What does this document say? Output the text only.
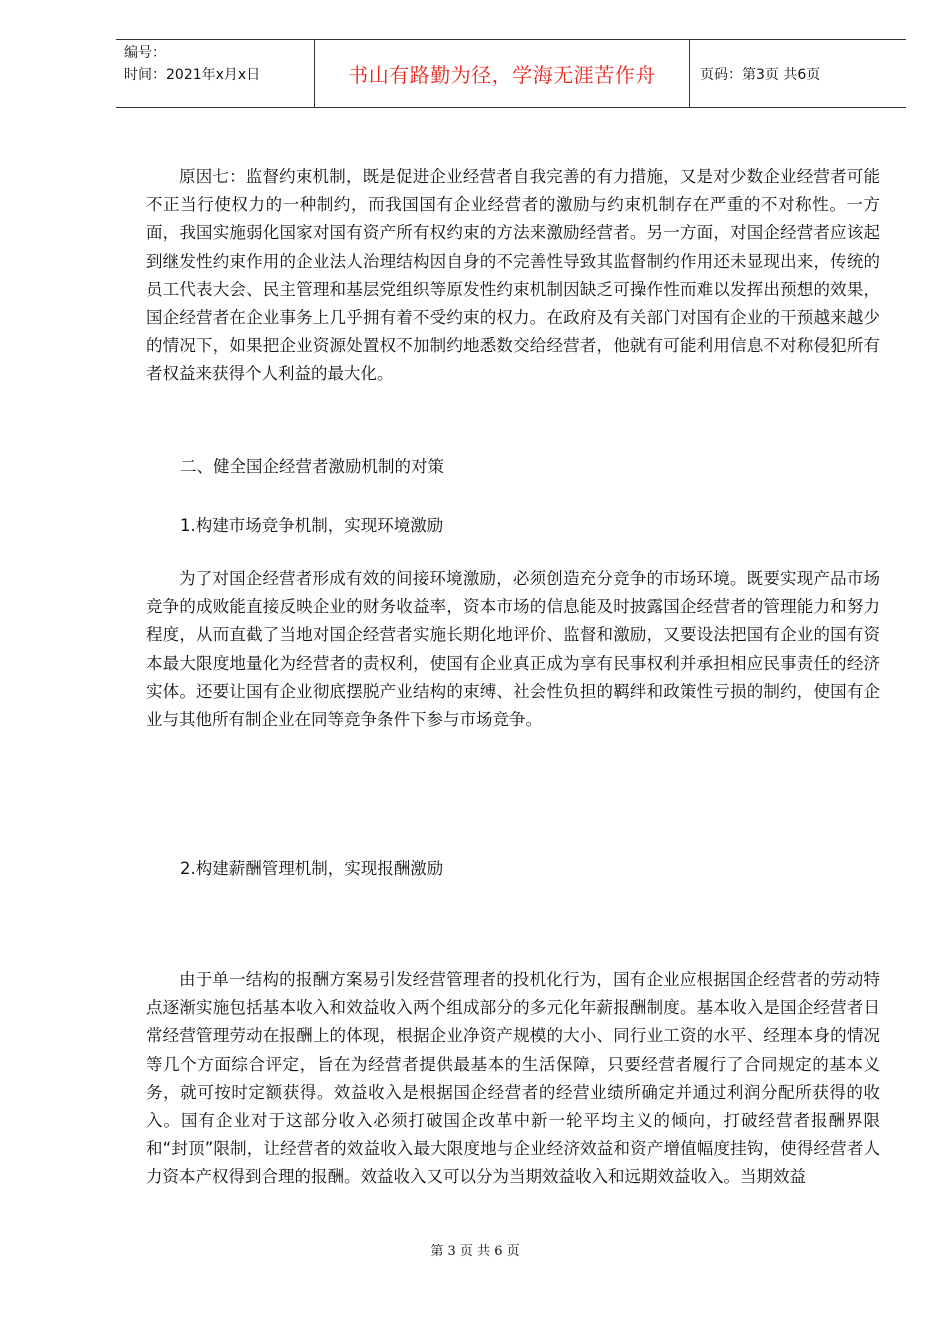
编号：
时间：2021年x月x日	书山有路勤为径，学海无涯苦作舟	页码：第3页 共6页

原因七：监督约束机制，既是促进企业经营者自我完善的有力措施，又是对少数企业经营者可能不正当行使权力的一种制约，而我国国有企业经营者的激励与约束机制存在严重的不对称性。一方面，我国实施弱化国家对国有资产所有权约束的方法来激励经营者。另一方面，对国企经营者应该起到继发性约束作用的企业法人治理结构因自身的不完善性导致其监督制约作用还未显现出来，传统的员工代表大会、民主管理和基层党组织等原发性约束机制因缺乏可操作性而难以发挥出预想的效果，国企经营者在企业事务上几乎拥有着不受约束的权力。在政府及有关部门对国有企业的干预越来越少的情况下，如果把企业资源处置权不加制约地悉数交给经营者，他就有可能利用信息不对称侵犯所有者权益来获得个人利益的最大化。

二、健全国企经营者激励机制的对策
1.构建市场竞争机制，实现环境激励

为了对国企经营者形成有效的间接环境激励，必须创造充分竞争的市场环境。既要实现产品市场竞争的成败能直接反映企业的财务收益率，资本市场的信息能及时披露国企经营者的管理能力和努力程度，从而直截了当地对国企经营者实施长期化地评价、监督和激励，又要设法把国有企业的国有资本最大限度地量化为经营者的责权利，使国有企业真正成为享有民事权利并承担相应民事责任的经济实体。还要让国有企业彻底摆脱产业结构的束缚、社会性负担的羁绊和政策性亏损的制约，使国有企业与其他所有制企业在同等竞争条件下参与市场竞争。

2.构建薪酬管理机制，实现报酬激励

由于单一结构的报酬方案易引发经营管理者的投机化行为，国有企业应根据国企经营者的劳动特点逐渐实施包括基本收入和效益收入两个组成部分的多元化年薪报酬制度。基本收入是国企经营者日常经营管理劳动在报酬上的体现，根据企业净资产规模的大小、同行业工资的水平、经理本身的情况等几个方面综合评定，旨在为经营者提供最基本的生活保障，只要经营者履行了合同规定的基本义务，就可按时定额获得。效益收入是根据国企经营者的经营业绩所确定并通过利润分配所获得的收入。国有企业对于这部分收入必须打破国企改革中新一轮平均主义的倾向，打破经营者报酬界限和“封顶”限制，让经营者的效益收入最大限度地与企业经济效益和资产增值幅度挂钩，使得经营者人力资本产权得到合理的报酬。效益收入又可以分为当期效益收入和远期效益收入。当期效益

第 3 页 共 6 页
